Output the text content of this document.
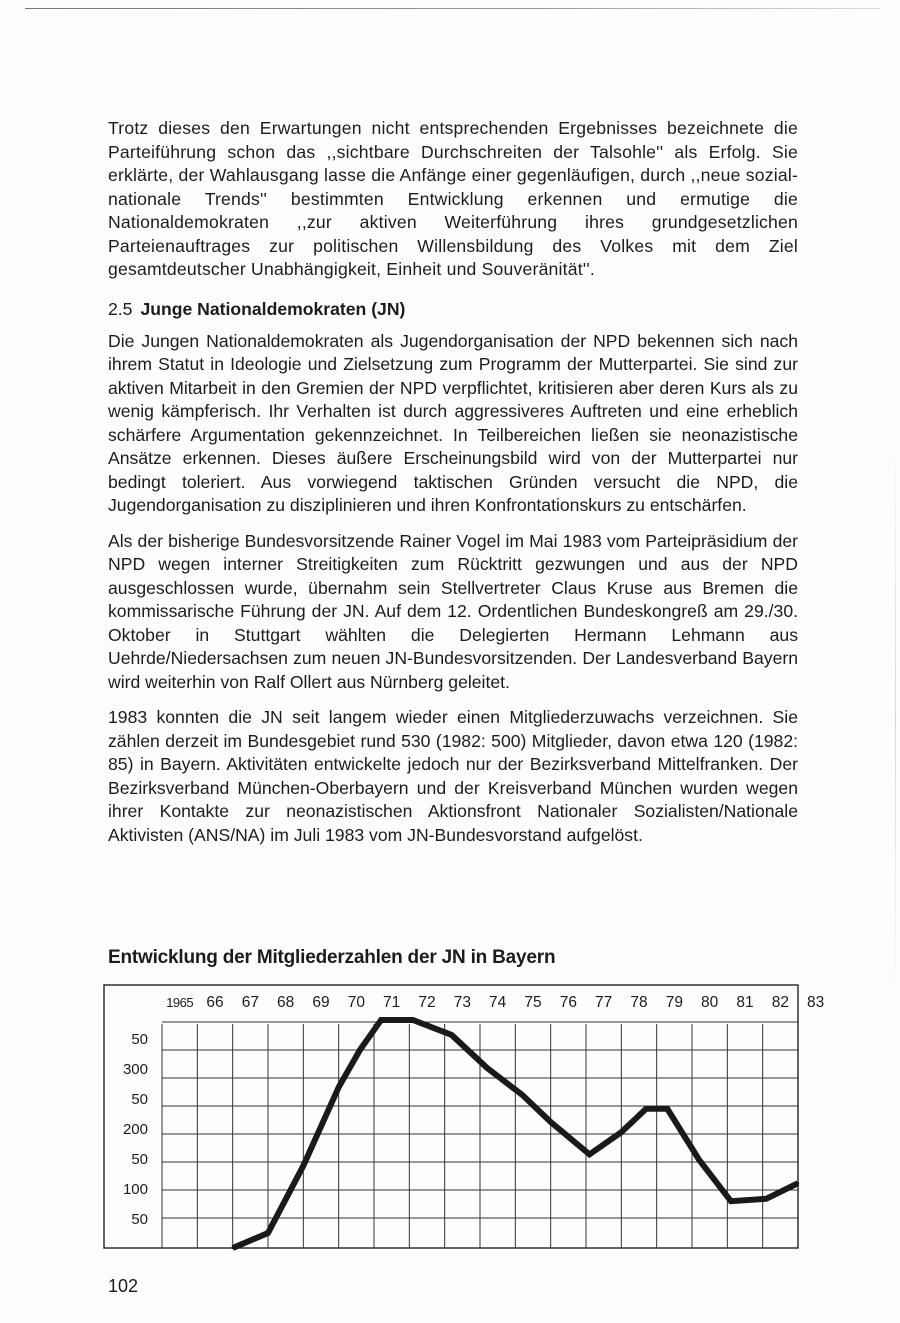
Trotz dieses den Erwartungen nicht entsprechenden Ergebnisses bezeichnete die Parteiführung schon das ,,sichtbare Durchschreiten der Talsohle'' als Erfolg. Sie erklärte, der Wahlausgang lasse die Anfänge einer gegenläufigen, durch ,,neue sozial-nationale Trends'' bestimmten Entwicklung erkennen und ermutige die Nationaldemokraten ,,zur aktiven Weiterführung ihres grundgesetzlichen Parteienauftrages zur politischen Willensbildung des Volkes mit dem Ziel gesamtdeutscher Unabhängigkeit, Einheit und Souveränität''.

2.5 Junge Nationaldemokraten (JN)

Die Jungen Nationaldemokraten als Jugendorganisation der NPD bekennen sich nach ihrem Statut in Ideologie und Zielsetzung zum Programm der Mutterpartei. Sie sind zur aktiven Mitarbeit in den Gremien der NPD verpflichtet, kritisieren aber deren Kurs als zu wenig kämpferisch. Ihr Verhalten ist durch aggressiveres Auftreten und eine erheblich schärfere Argumentation gekennzeichnet. In Teilbereichen ließen sie neonazistische Ansätze erkennen. Dieses äußere Erscheinungsbild wird von der Mutterpartei nur bedingt toleriert. Aus vorwiegend taktischen Gründen versucht die NPD, die Jugendorganisation zu disziplinieren und ihren Konfrontationskurs zu entschärfen.

Als der bisherige Bundesvorsitzende Rainer Vogel im Mai 1983 vom Parteipräsidium der NPD wegen interner Streitigkeiten zum Rücktritt gezwungen und aus der NPD ausgeschlossen wurde, übernahm sein Stellvertreter Claus Kruse aus Bremen die kommissarische Führung der JN. Auf dem 12. Ordentlichen Bundeskongreß am 29./30. Oktober in Stuttgart wählten die Delegierten Hermann Lehmann aus Uehrde/Niedersachsen zum neuen JN-Bundesvorsitzenden. Der Landesverband Bayern wird weiterhin von Ralf Ollert aus Nürnberg geleitet.

1983 konnten die JN seit langem wieder einen Mitgliederzuwachs verzeichnen. Sie zählen derzeit im Bundesgebiet rund 530 (1982: 500) Mitglieder, davon etwa 120 (1982: 85) in Bayern. Aktivitäten entwickelte jedoch nur der Bezirksverband Mittelfranken. Der Bezirksverband München-Oberbayern und der Kreisverband München wurden wegen ihrer Kontakte zur neonazistischen Aktionsfront Nationaler Sozialisten/Nationale Aktivisten (ANS/NA) im Juli 1983 vom JN-Bundesvorstand aufgelöst.

Entwicklung der Mitgliederzahlen der JN in Bayern
50
300
50
200
50
100
50
1965 66 67 68 69 70 71 72 73 74 75 76 77 78 79 80 81 82 83
102
